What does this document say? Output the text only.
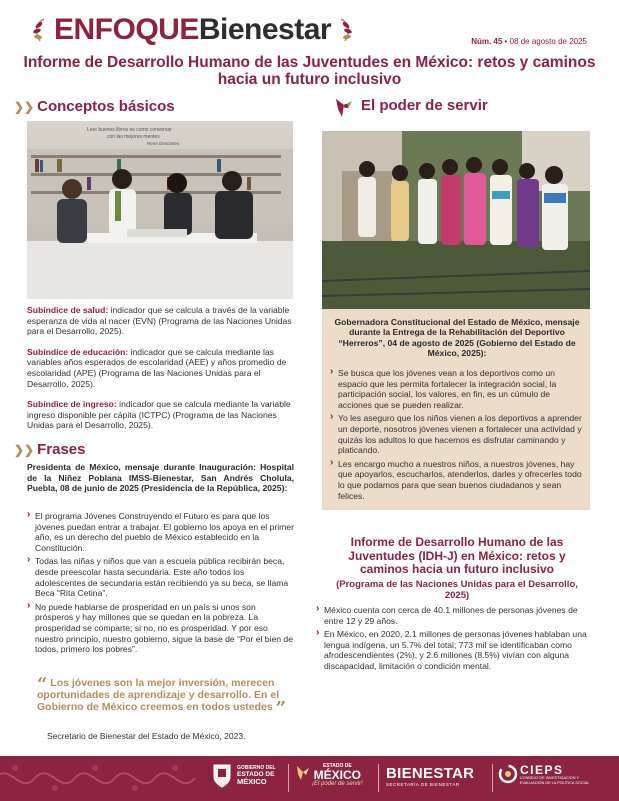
ENFOQUE Bienestar	Núm. 45 • 08 de agosto de 2025
Informe de Desarrollo Humano de las Juventudes en México: retos y caminos hacia un futuro inclusivo
❯❯ Conceptos básicos
Leer buenos libros es como conversar
con las mejores mentes
René Descartes

Subíndice de salud: indicador que se calcula a través de la variable esperanza de vida al nacer (EVN) (Programa de las Naciones Unidas para el Desarrollo, 2025).

Subíndice de educación: indicador que se calcula mediante las variables años esperados de escolaridad (AEE) y años promedio de escolaridad (APE) (Programa de las Naciones Unidas para el Desarrollo, 2025).

Subíndice de ingreso: indicador que se calcula mediante la variable ingreso disponible per cápita (ICTPC) (Programa de las Naciones Unidas para el Desarrollo, 2025).

❯❯ Frases
Presidenta de México, mensaje durante Inauguración: Hospital de la Niñez Poblana IMSS-Bienestar, San Andrés Cholula, Puebla, 08 de junio de 2025 (Presidencia de la República, 2025):
› El programa Jóvenes Construyendo el Futuro es para que los jóvenes puedan entrar a trabajar. El gobierno los apoya en el primer año, es un derecho del pueblo de México establecido en la Constitución.
› Todas las niñas y niños que van a escuela pública recibirán beca, desde preescolar hasta secundaria. Este año todos los adolescentes de secundaria están recibiendo ya su beca, se llama Beca “Rita Cetina”.
› No puede hablarse de prosperidad en un país si unos son prósperos y hay millones que se quedan en la pobreza. La prosperidad se comparte; si no, no es prosperidad. Y por eso nuestro principio, nuestro gobierno, sigue la base de “Por el bien de todos, primero los pobres”.
“ Los jóvenes son la mejor inversión, merecen oportunidades de aprendizaje y desarrollo. En el Gobierno de México creemos en todos ustedes ”
Secretario de Bienestar del Estado de México, 2023.
El poder de servir
Gobernadora Constitucional del Estado de México, mensaje durante la Entrega de la Rehabilitación del Deportivo “Herreros”, 04 de agosto de 2025 (Gobierno del Estado de México, 2025):
› Se busca que los jóvenes vean a los deportivos como un espacio que les permita fortalecer la integración social, la participación social, los valores, en fin, es un cúmulo de acciones que se pueden realizar.
› Yo les aseguro que los niños vienen a los deportivos a aprender un deporte, nosotros jóvenes vienen a fortalecer una actividad y quizás los adultos lo que hacemos es disfrutar caminando y platicando.
› Les encargo mucho a nuestros niños, a nuestros jóvenes, hay que apoyarlos, escucharlos, atenderlos, darles y ofrecerles todo lo que podamos para que sean buenos ciudadanos y sean felices.
Informe de Desarrollo Humano de las Juventudes (IDH-J) en México: retos y caminos hacia un futuro inclusivo
(Programa de las Naciones Unidas para el Desarrollo, 2025)
› México cuenta con cerca de 40.1 millones de personas jóvenes de entre 12 y 29 años.
› En México, en 2020, 2.1 millones de personas jóvenes hablaban una lengua indígena, un 5.7% del total; 773 mil se identificaban como afrodescendientes (2%), y 2.6 millones (8.5%) vivían con alguna discapacidad, limitación o condición mental.
GOBIERNO DEL
ESTADO DE
MÉXICO
ESTADO DE
MÉXICO
¡El poder de servir!
BIENESTAR
SECRETARÍA DE BIENESTAR
CIEPS
CONSEJO DE INVESTIGACIÓN Y
EVALUACIÓN DE LA POLÍTICA SOCIAL
